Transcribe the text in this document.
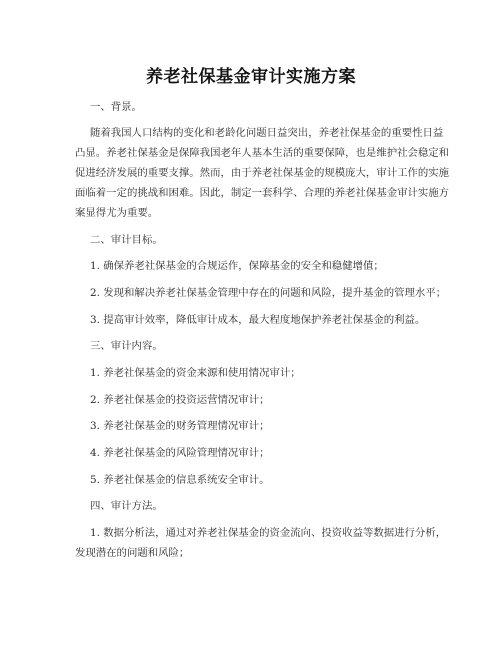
养老社保基金审计实施方案
一、背景。
随着我国人口结构的变化和老龄化问题日益突出，养老社保基金的重要性日益
凸显。养老社保基金是保障我国老年人基本生活的重要保障，也是维护社会稳定和
促进经济发展的重要支撑。然而，由于养老社保基金的规模庞大，审计工作的实施
面临着一定的挑战和困难。因此，制定一套科学、合理的养老社保基金审计实施方
案显得尤为重要。
二、审计目标。
1. 确保养老社保基金的合规运作，保障基金的安全和稳健增值；
2. 发现和解决养老社保基金管理中存在的问题和风险，提升基金的管理水平；
3. 提高审计效率，降低审计成本，最大程度地保护养老社保基金的利益。
三、审计内容。
1. 养老社保基金的资金来源和使用情况审计；
2. 养老社保基金的投资运营情况审计；
3. 养老社保基金的财务管理情况审计；
4. 养老社保基金的风险管理情况审计；
5. 养老社保基金的信息系统安全审计。
四、审计方法。
1. 数据分析法，通过对养老社保基金的资金流向、投资收益等数据进行分析，
发现潜在的问题和风险；
